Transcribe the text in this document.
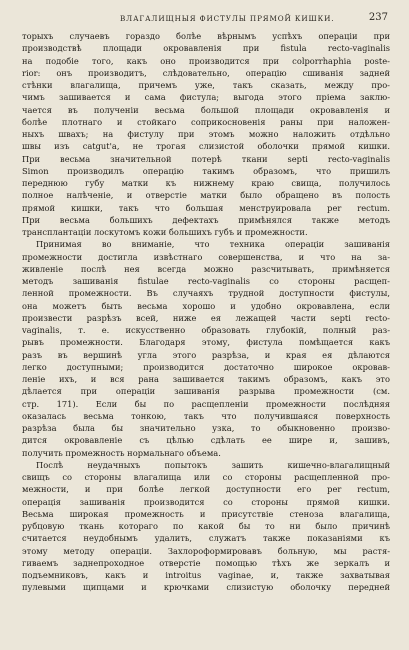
ВЛАГАЛИЩНЫЯ ФИСТУЛЫ ПРЯМОЙ КИШКИ.	237
торыхъ случаевъ гораздо болѣе вѣрнымъ успѣхъ операціи при
производствѣ площади окровавленія при fistula recto-vaginalis
на подобіе того, какъ оно производится при colporrhaphia poste-
rior: онъ производитъ, слѣдовательно, операцію сшиванія задней
стѣнки влагалища, причемъ уже, такъ сказать, между про-
чимъ зашивается и сама фистула; выгода этого пріема заклю-
чается въ полученіи весьма большой площади окровавленія и
болѣе плотнаго и стойкаго соприкосновенія раны при наложен-
ныхъ швахъ; на фистулу при этомъ можно наложить отдѣльно
швы изъ catgut'а, не трогая слизистой оболочки прямой кишки.
При весьма значительной потерѣ ткани septi recto-vaginalis
Simon производилъ операцію такимъ образомъ, что пришилъ
переднюю губу матки къ нижнему краю свища, получилось
полное налѣченіе, и отверстіе матки было обращено въ полость
прямой кишки, такъ что большая менструировала per rectum.
При весьма большихъ дефектахъ примѣнялся также методъ
трансплантаціи лоскутомъ кожи большихъ губъ и промежности.
Принимая во вниманіе, что техника операціи зашиванія
промежности достигла извѣстнаго совершенства, и что на за-
живленіе послѣ нея всегда можно разсчитывать, примѣняется
методъ зашиванія fistulae recto-vaginalis со стороны расщеп-
ленной промежности. Въ случаяхъ трудной доступности фистулы,
она можетъ быть весьма хорошо и удобно окровавлена, если
произвести разрѣзъ всей, ниже ея лежащей части septi recto-
vaginalis, т. е. искусственно образовать глубокій, полный раз-
рывъ промежности. Благодаря этому, фистула помѣщается какъ
разъ въ вершинѣ угла этого разрѣза, и края ея дѣлаются
легко доступными; производится достаточно широкое окровав-
леніе ихъ, и вся рана зашивается такимъ образомъ, какъ это
дѣлается при операціи зашиванія разрыва промежности (см.
стр. 171). Если бы по расщепленіи промежности послѣдняя
оказалась весьма тонкою, такъ что получившаяся поверхность
разрѣза была бы значительно узка, то обыкновенно произво-
дится окровавленіе съ цѣлью сдѣлать ее шире и, зашивъ,
получить промежность нормальнаго объема.
Послѣ неудачныхъ попытокъ зашить кишечно-влагалищный
свищъ со стороны влагалища или со стороны расщепленной про-
межности, и при болѣе легкой доступности его per rectum,
операція зашиванія производится со стороны прямой кишки.
Весьма широкая промежность и присутствіе стеноза влагалища,
рубцовую ткань котораго по какой бы то ни было причинѣ
считается неудобнымъ удалить, служатъ также показаніями къ
этому методу операціи. Захлороформировавъ больную, мы растя-
гиваемъ заднепроходное отверстіе помощью тѣхъ же зеркалъ и
подъемниковъ, какъ и introitus vaginae, и, также захватывая
пулевыми щипцами и крючками слизистую оболочку передней
